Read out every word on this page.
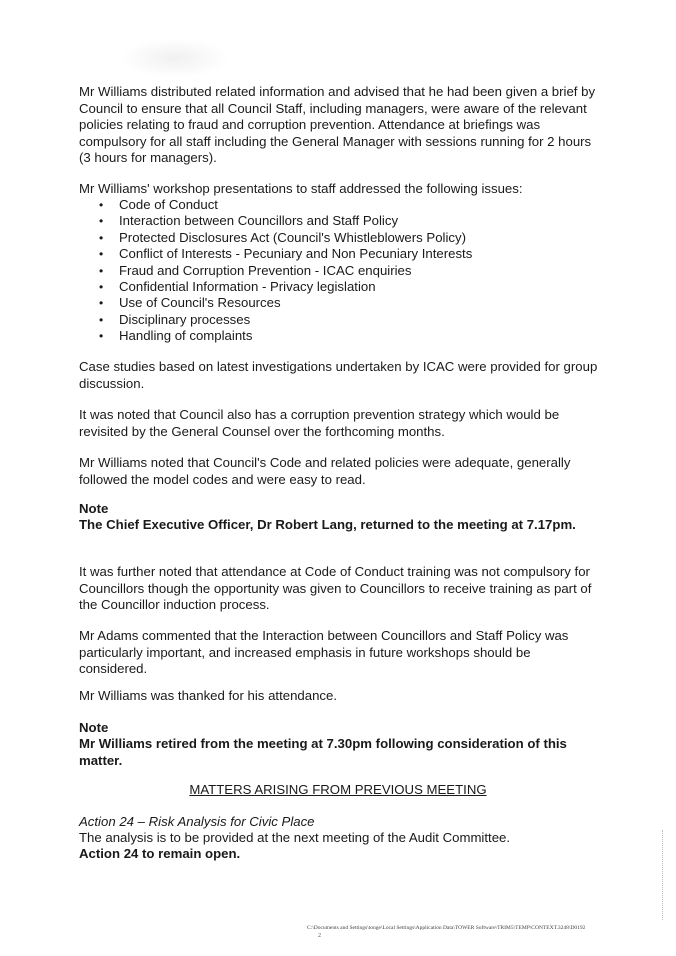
Mr Williams distributed related information and advised that he had been given a brief by Council to ensure that all Council Staff, including managers, were aware of the relevant policies relating to fraud and corruption prevention. Attendance at briefings was compulsory for all staff including the General Manager with sessions running for 2 hours (3 hours for managers).
Mr Williams' workshop presentations to staff addressed the following issues:
• Code of Conduct
• Interaction between Councillors and Staff Policy
• Protected Disclosures Act (Council's Whistleblowers Policy)
• Conflict of Interests - Pecuniary and Non Pecuniary Interests
• Fraud and Corruption Prevention - ICAC enquiries
• Confidential Information - Privacy legislation
• Use of Council's Resources
• Disciplinary processes
• Handling of complaints
Case studies based on latest investigations undertaken by ICAC were provided for group discussion.
It was noted that Council also has a corruption prevention strategy which would be revisited by the General Counsel over the forthcoming months.
Mr Williams noted that Council's Code and related policies were adequate, generally followed the model codes and were easy to read.
Note
The Chief Executive Officer, Dr Robert Lang, returned to the meeting at 7.17pm.
It was further noted that attendance at Code of Conduct training was not compulsory for Councillors though the opportunity was given to Councillors to receive training as part of the Councillor induction process.
Mr Adams commented that the Interaction between Councillors and Staff Policy was particularly important, and increased emphasis in future workshops should be considered.
Mr Williams was thanked for his attendance.
Note
Mr Williams retired from the meeting at 7.30pm following consideration of this matter.
MATTERS ARISING FROM PREVIOUS MEETING
Action 24 – Risk Analysis for Civic Place
The analysis is to be provided at the next meeting of the Audit Committee.
Action 24 to remain open.
C:\Documents and Settings\tonge\Local Settings\Application Data\TOWER Software\TRIM5\TEMP\CONTEXT.3248\D0192
2
